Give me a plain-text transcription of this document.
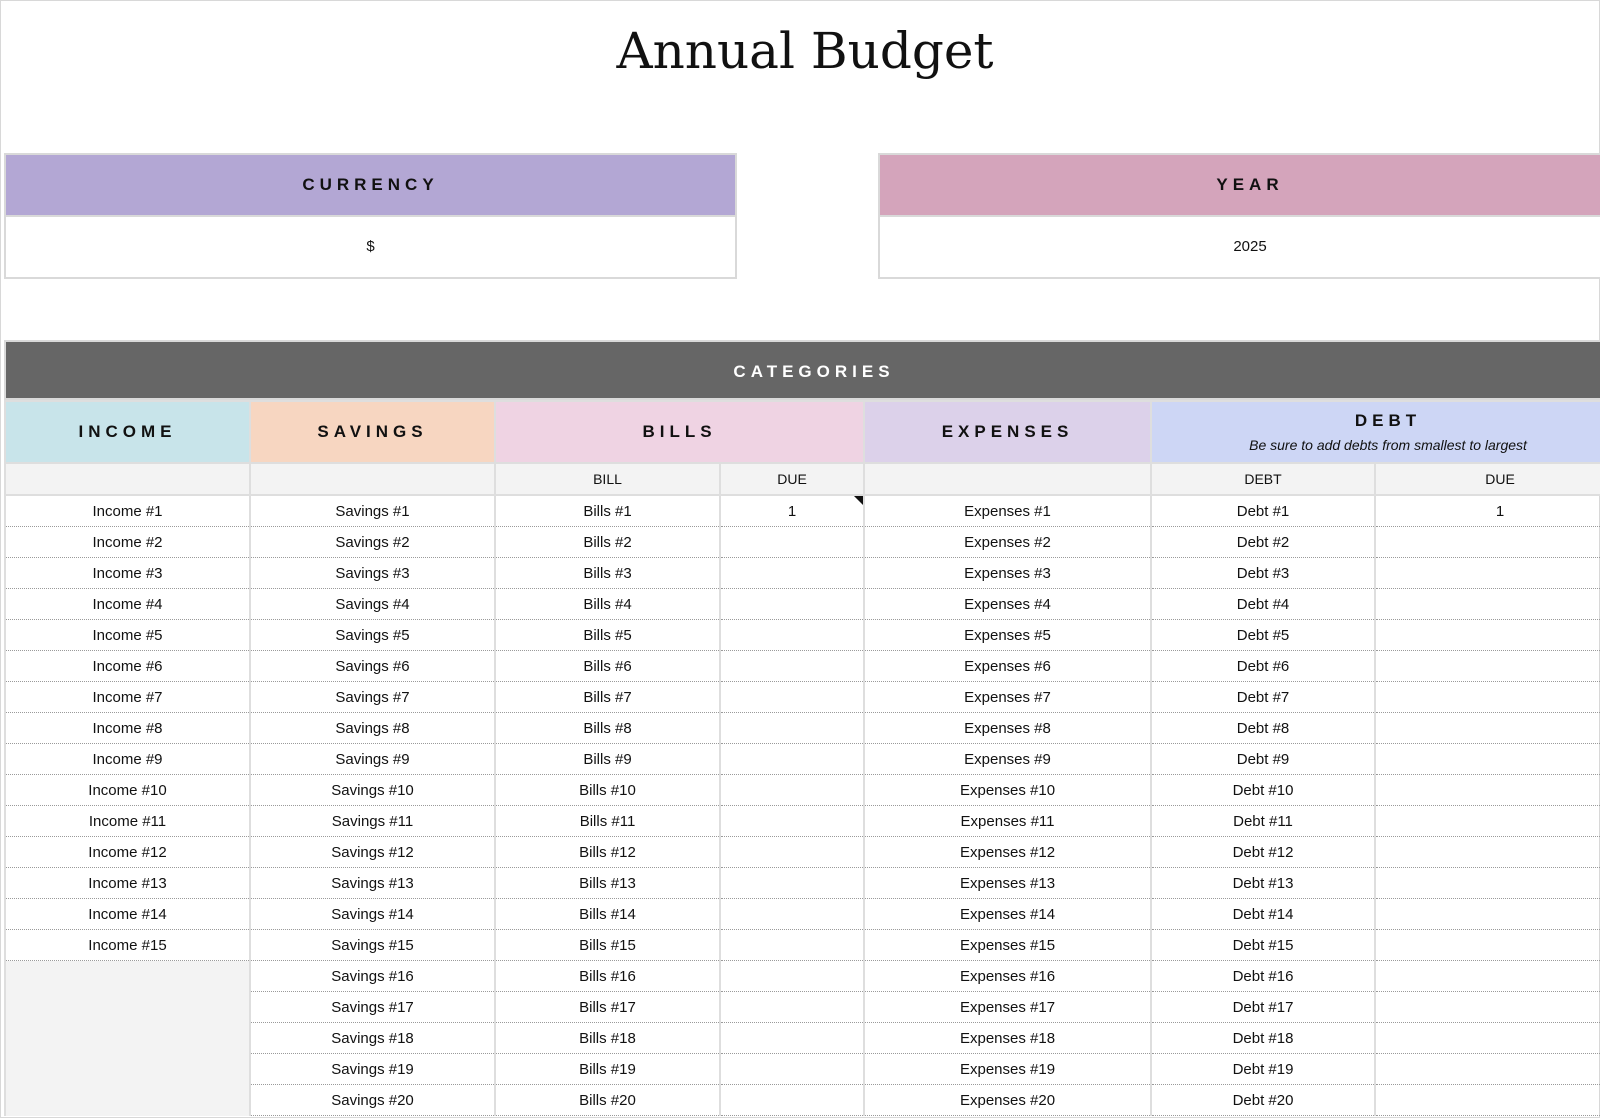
Annual Budget
CURRENCY
$
YEAR
2025
CATEGORIES
INCOME	SAVINGS	BILLS		EXPENSES	DEBT
Be sure to add debts from smallest to largest	

		BILL	DUE		DEBT	DUE
Income #1	Savings #1	Bills #1	1	Expenses #1	Debt #1	1
Income #2	Savings #2	Bills #2		Expenses #2	Debt #2	
Income #3	Savings #3	Bills #3		Expenses #3	Debt #3	
Income #4	Savings #4	Bills #4		Expenses #4	Debt #4	
Income #5	Savings #5	Bills #5		Expenses #5	Debt #5	
Income #6	Savings #6	Bills #6		Expenses #6	Debt #6	
Income #7	Savings #7	Bills #7		Expenses #7	Debt #7	
Income #8	Savings #8	Bills #8		Expenses #8	Debt #8	
Income #9	Savings #9	Bills #9		Expenses #9	Debt #9	
Income #10	Savings #10	Bills #10		Expenses #10	Debt #10	
Income #11	Savings #11	Bills #11		Expenses #11	Debt #11	
Income #12	Savings #12	Bills #12		Expenses #12	Debt #12	
Income #13	Savings #13	Bills #13		Expenses #13	Debt #13	
Income #14	Savings #14	Bills #14		Expenses #14	Debt #14	
Income #15	Savings #15	Bills #15		Expenses #15	Debt #15	
	Savings #16	Bills #16		Expenses #16	Debt #16	
	Savings #17	Bills #17		Expenses #17	Debt #17	
	Savings #18	Bills #18		Expenses #18	Debt #18	
	Savings #19	Bills #19		Expenses #19	Debt #19	
	Savings #20	Bills #20		Expenses #20	Debt #20	
